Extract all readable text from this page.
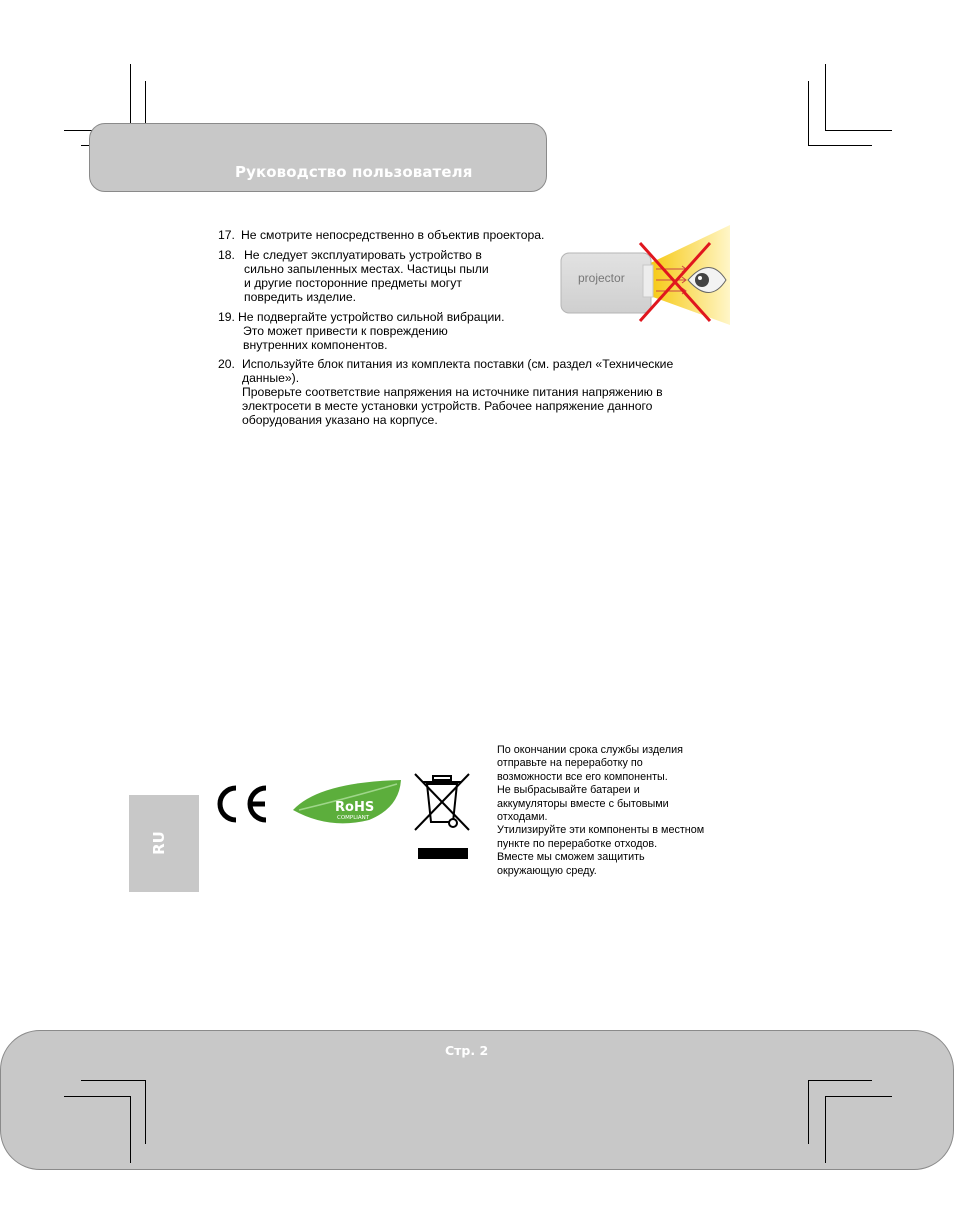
Руководство пользователя
17. Не смотрите непосредственно в объектив проектора.
18. Не следует эксплуатировать устройство в
сильно запыленных местах. Частицы пыли
и другие посторонние предметы могут
повредить изделие.
19. Не подвергайте устройство сильной вибрации.
Это может привести к повреждению
внутренних компонентов.
20. Используйте блок питания из комплекта поставки (см. раздел «Технические
данные»).
Проверьте соответствие напряжения на источнике питания напряжению в
электросети в месте установки устройств. Рабочее напряжение данного
оборудования указано на корпусе.
projector
RU
CE
RoHS
COMPLIANT
По окончании срока службы изделия
отправьте на переработку по
возможности все его компоненты.
Не выбрасывайте батареи и
аккумуляторы вместе с бытовыми
отходами.
Утилизируйте эти компоненты в местном
пункте по переработке отходов.
Вместе мы сможем защитить
окружающую среду.
Стр. 2
